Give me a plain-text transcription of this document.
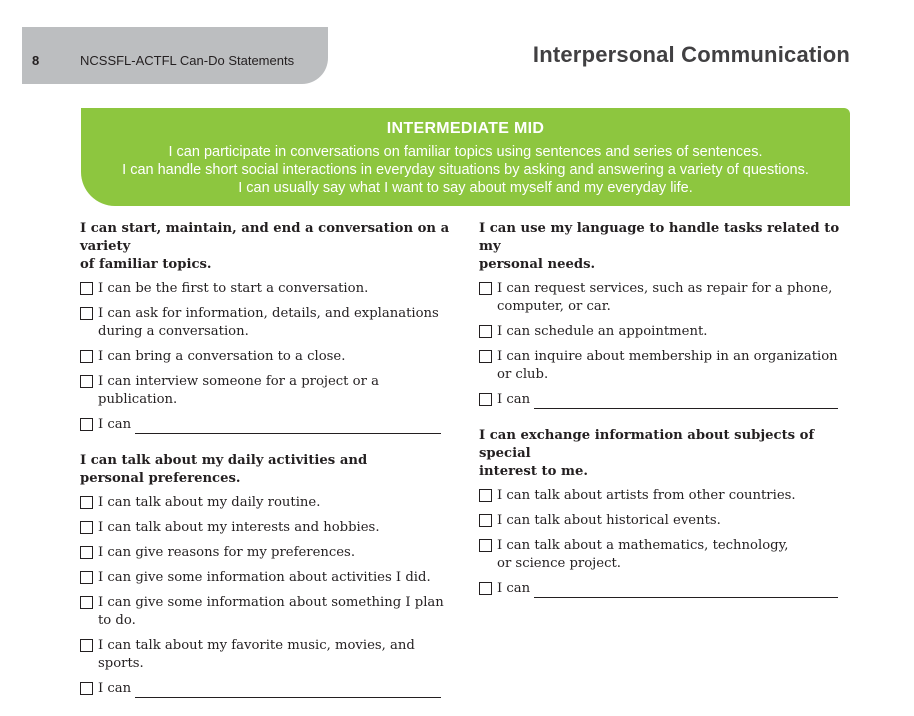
8	NCSSFL-ACTFL Can-Do Statements	Interpersonal Communication
INTERMEDIATE MID
I can participate in conversations on familiar topics using sentences and series of sentences.
I can handle short social interactions in everyday situations by asking and answering a variety of questions.
I can usually say what I want to say about myself and my everyday life.
I can start, maintain, and end a conversation on a variety
of familiar topics.
I can be the first to start a conversation.
I can ask for information, details, and explanations
during a conversation.
I can bring a conversation to a close.
I can interview someone for a project or a publication.
I can
I can talk about my daily activities and
personal preferences.
I can talk about my daily routine.
I can talk about my interests and hobbies.
I can give reasons for my preferences.
I can give some information about activities I did.
I can give some information about something I plan to do.
I can talk about my favorite music, movies, and sports.
I can
I can use my language to handle tasks related to my
personal needs.
I can request services, such as repair for a phone,
computer, or car.
I can schedule an appointment.
I can inquire about membership in an organization
or club.
I can
I can exchange information about subjects of special
interest to me.
I can talk about artists from other countries.
I can talk about historical events.
I can talk about a mathematics, technology,
or science project.
I can
